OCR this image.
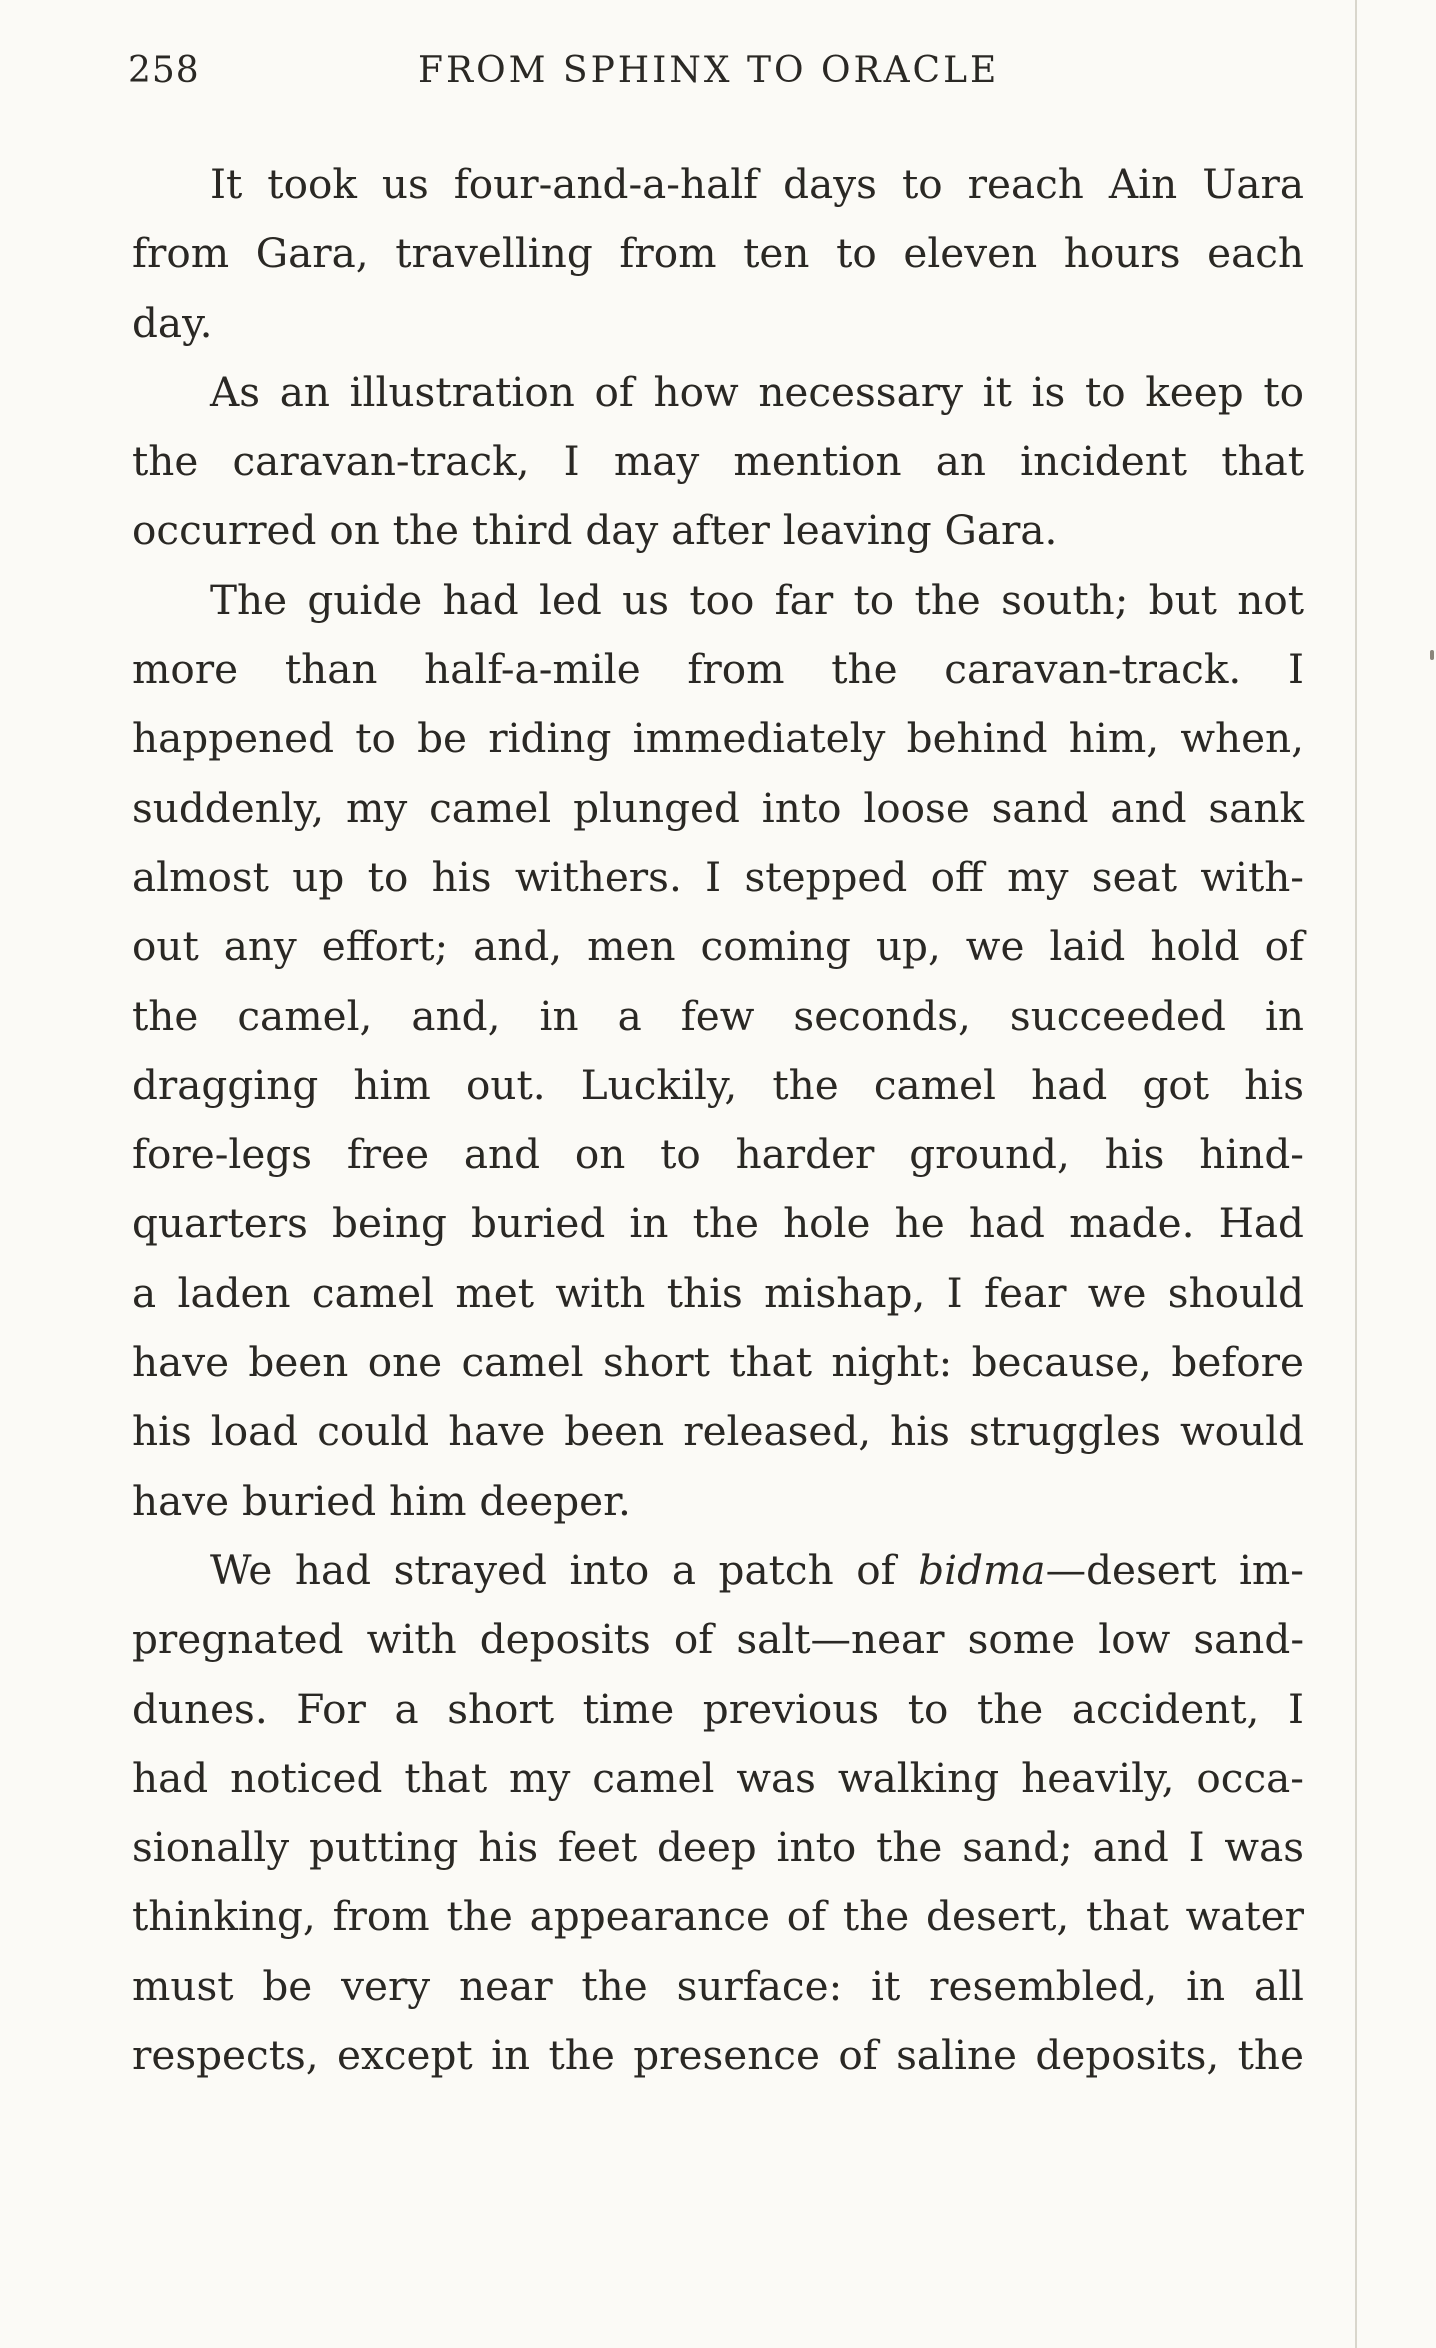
258	FROM SPHINX TO ORACLE
It took us four-and-a-half days to reach Ain Uara
from Gara, travelling from ten to eleven hours each
day.
As an illustration of how necessary it is to keep to
the caravan-track, I may mention an incident that
occurred on the third day after leaving Gara.
The guide had led us too far to the south; but not
more than half-a-mile from the caravan-track. I
happened to be riding immediately behind him, when,
suddenly, my camel plunged into loose sand and sank
almost up to his withers. I stepped off my seat with-
out any effort; and, men coming up, we laid hold of
the camel, and, in a few seconds, succeeded in
dragging him out. Luckily, the camel had got his
fore-legs free and on to harder ground, his hind-
quarters being buried in the hole he had made. Had
a laden camel met with this mishap, I fear we should
have been one camel short that night: because, before
his load could have been released, his struggles would
have buried him deeper.
We had strayed into a patch of bidma—desert im-
pregnated with deposits of salt—near some low sand-
dunes. For a short time previous to the accident, I
had noticed that my camel was walking heavily, occa-
sionally putting his feet deep into the sand; and I was
thinking, from the appearance of the desert, that water
must be very near the surface: it resembled, in all
respects, except in the presence of saline deposits, the
